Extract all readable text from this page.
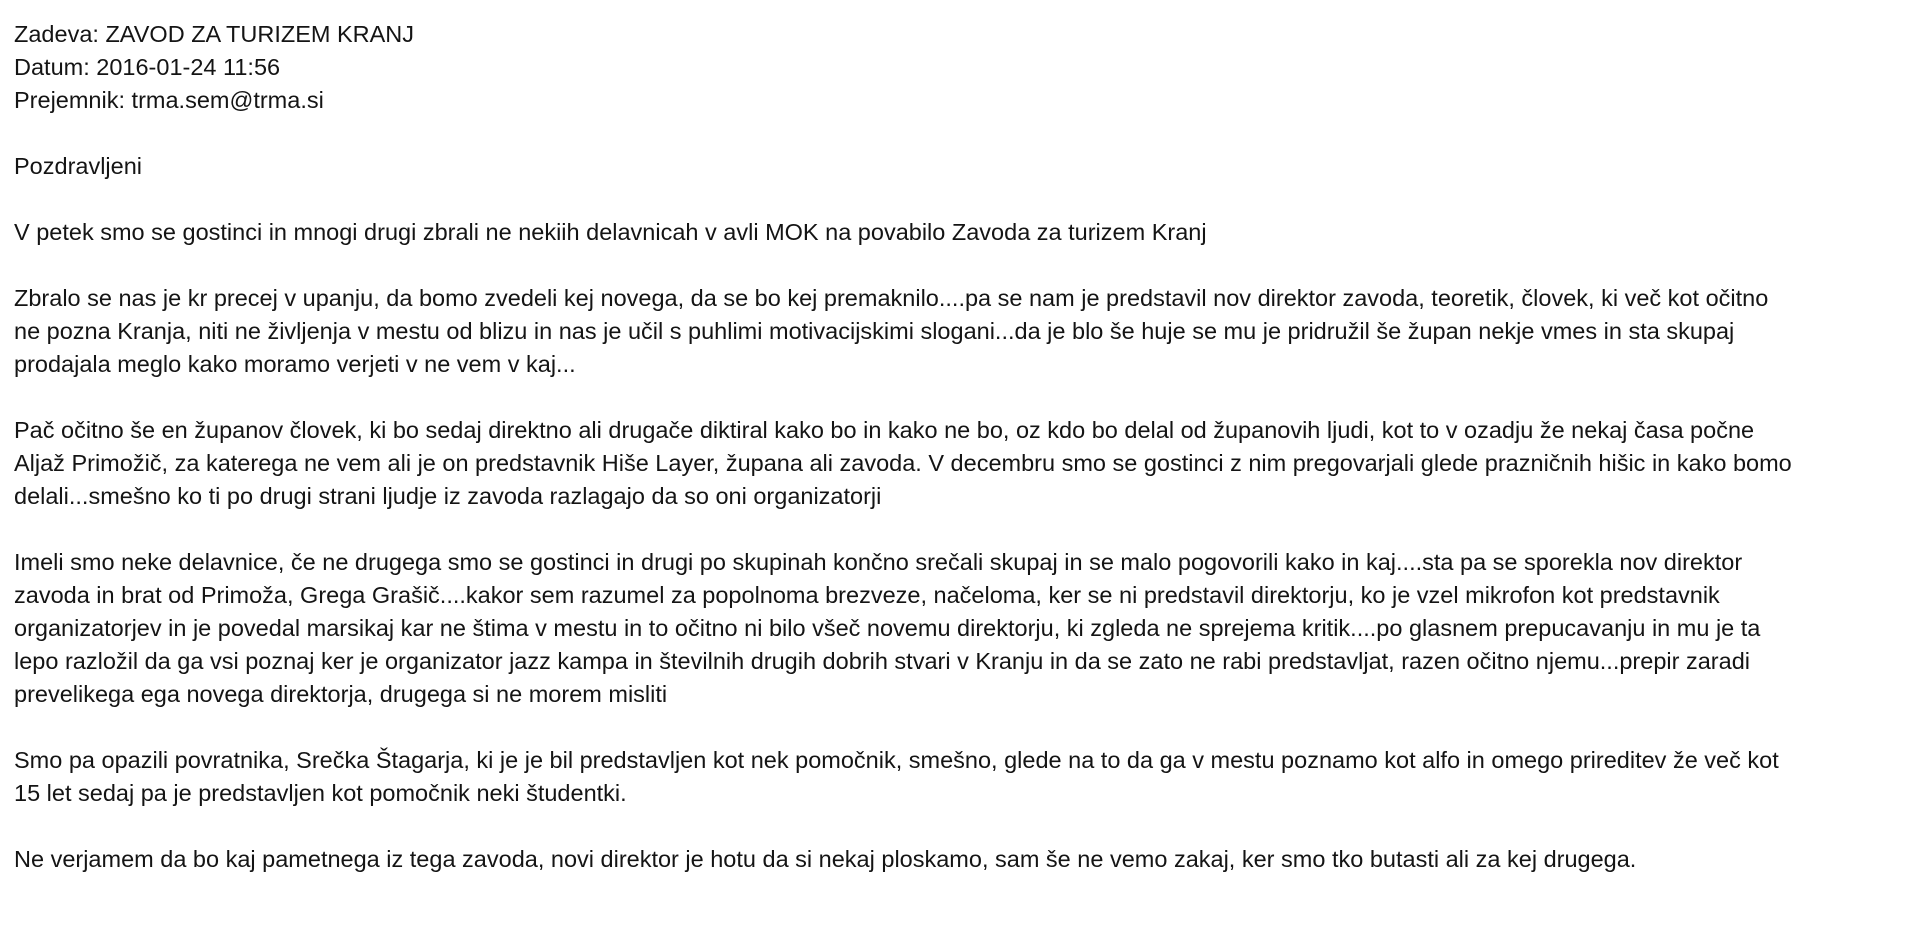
Zadeva: ZAVOD ZA TURIZEM KRANJ
Datum: 2016-01-24 11:56
Prejemnik: trma.sem@trma.si
Pozdravljeni
V petek smo se gostinci in mnogi drugi zbrali ne nekiih delavnicah v avli MOK na povabilo Zavoda za turizem Kranj
Zbralo se nas je kr precej v upanju, da bomo zvedeli kej novega, da se bo kej premaknilo....pa se nam je predstavil nov direktor zavoda, teoretik, človek, ki več kot očitno
ne pozna Kranja, niti ne življenja v mestu od blizu in nas je učil s puhlimi motivacijskimi slogani...da je blo še huje se mu je pridružil še župan nekje vmes in sta skupaj
prodajala meglo kako moramo verjeti v ne vem v kaj...
Pač očitno še en županov človek, ki bo sedaj direktno ali drugače diktiral kako bo in kako ne bo, oz kdo bo delal od županovih ljudi, kot to v ozadju že nekaj časa počne
Aljaž Primožič, za katerega ne vem ali je on predstavnik Hiše Layer, župana ali zavoda. V decembru smo se gostinci z nim pregovarjali glede prazničnih hišic in kako bomo
delali...smešno ko ti po drugi strani ljudje iz zavoda razlagajo da so oni organizatorji
Imeli smo neke delavnice, če ne drugega smo se gostinci in drugi po skupinah končno srečali skupaj in se malo pogovorili kako in kaj....sta pa se sporekla nov direktor
zavoda in brat od Primoža, Grega Grašič....kakor sem razumel za popolnoma brezveze, načeloma, ker se ni predstavil direktorju, ko je vzel mikrofon kot predstavnik
organizatorjev in je povedal marsikaj kar ne štima v mestu in to očitno ni bilo všeč novemu direktorju, ki zgleda ne sprejema kritik....po glasnem prepucavanju in mu je ta
lepo razložil da ga vsi poznaj ker je organizator jazz kampa in številnih drugih dobrih stvari v Kranju in da se zato ne rabi predstavljat, razen očitno njemu...prepir zaradi
prevelikega ega novega direktorja, drugega si ne morem misliti
Smo pa opazili povratnika, Srečka Štagarja, ki je je bil predstavljen kot nek pomočnik, smešno, glede na to da ga v mestu poznamo kot alfo in omego prireditev že več kot
15 let sedaj pa je predstavljen kot pomočnik neki študentki.
Ne verjamem da bo kaj pametnega iz tega zavoda, novi direktor je hotu da si nekaj ploskamo, sam še ne vemo zakaj, ker smo tko butasti ali za kej drugega.
